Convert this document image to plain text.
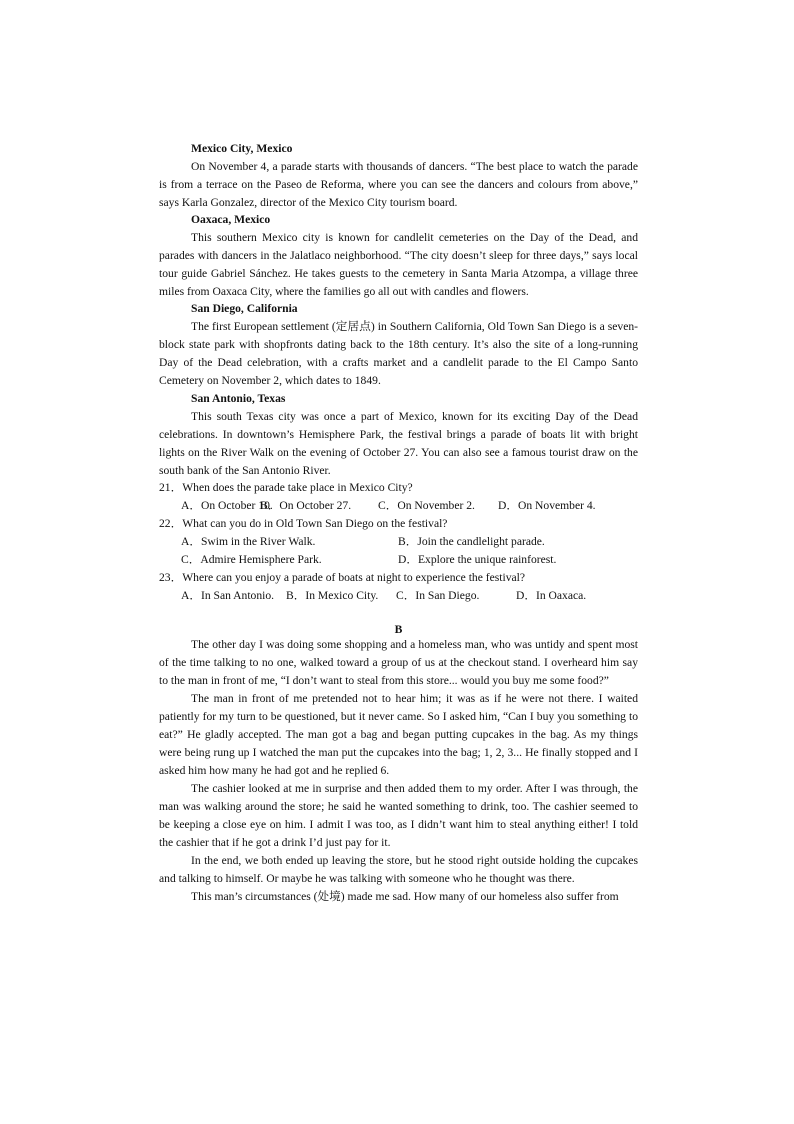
Mexico City, Mexico

On November 4, a parade starts with thousands of dancers. “The best place to watch the parade is from a terrace on the Paseo de Reforma, where you can see the dancers and colours from above,” says Karla Gonzalez, director of the Mexico City tourism board.

Oaxaca, Mexico

This southern Mexico city is known for candlelit cemeteries on the Day of the Dead, and parades with dancers in the Jalatlaco neighborhood. “The city doesn’t sleep for three days,” says local tour guide Gabriel Sánchez. He takes guests to the cemetery in Santa Maria Atzompa, a village three miles from Oaxaca City, where the families go all out with candles and flowers.

San Diego, California

The first European settlement (定居点) in Southern California, Old Town San Diego is a seven-block state park with shopfronts dating back to the 18th century. It’s also the site of a long-running Day of the Dead celebration, with a crafts market and a candlelit parade to the El Campo Santo Cemetery on November 2, which dates to 1849.

San Antonio, Texas

This south Texas city was once a part of Mexico, known for its exciting Day of the Dead celebrations. In downtown’s Hemisphere Park, the festival brings a parade of boats lit with bright lights on the River Walk on the evening of October 27. You can also see a famous tourist draw on the south bank of the San Antonio River.

21．When does the parade take place in Mexico City?
A．On October 10.B．On October 27. C．On November 2. D．On November 4.
22．What can you do in Old Town San Diego on the festival?
A．Swim in the River Walk.	B．Join the candlelight parade.
C．Admire Hemisphere Park.	D．Explore the unique rainforest.
23．Where can you enjoy a parade of boats at night to experience the festival?
A．In San Antonio. B．In Mexico City. C．In San Diego.	D．In Oaxaca.
B

The other day I was doing some shopping and a homeless man, who was untidy and spent most of the time talking to no one, walked toward a group of us at the checkout stand. I overheard him say to the man in front of me, “I don’t want to steal from this store... would you buy me some food?”

The man in front of me pretended not to hear him; it was as if he were not there. I waited patiently for my turn to be questioned, but it never came. So I asked him, “Can I buy you something to eat?” He gladly accepted. The man got a bag and began putting cupcakes in the bag. As my things were being rung up I watched the man put the cupcakes into the bag; 1, 2, 3... He finally stopped and I asked him how many he had got and he replied 6.

The cashier looked at me in surprise and then added them to my order. After I was through, the man was walking around the store; he said he wanted something to drink, too. The cashier seemed to be keeping a close eye on him. I admit I was too, as I didn’t want him to steal anything either! I told the cashier that if he got a drink I’d just pay for it.

In the end, we both ended up leaving the store, but he stood right outside holding the cupcakes and talking to himself. Or maybe he was talking with someone who he thought was there.

This man’s circumstances (处境) made me sad. How many of our homeless also suffer from
